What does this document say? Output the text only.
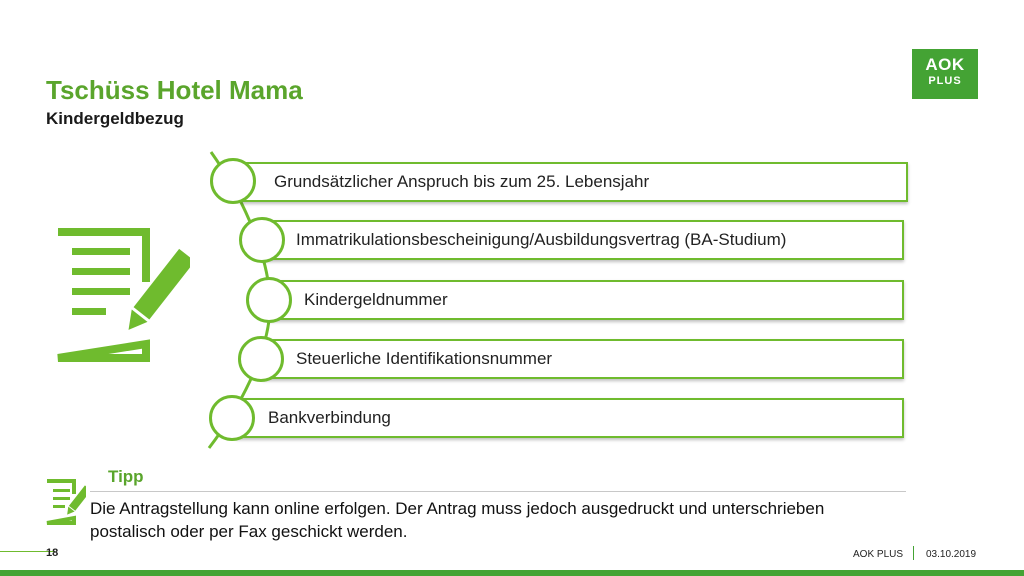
Tschüss Hotel Mama
Kindergeldbezug
AOK
PLUS
Grundsätzlicher Anspruch bis zum 25. Lebensjahr
Immatrikulationsbescheinigung/Ausbildungsvertrag (BA-Studium)
Kindergeldnummer
Steuerliche Identifikationsnummer
Bankverbindung
Tipp

Die Antragstellung kann online erfolgen. Der Antrag muss jedoch ausgedruckt und unterschrieben postalisch oder per Fax geschickt werden.

18	AOK PLUS 03.10.2019
